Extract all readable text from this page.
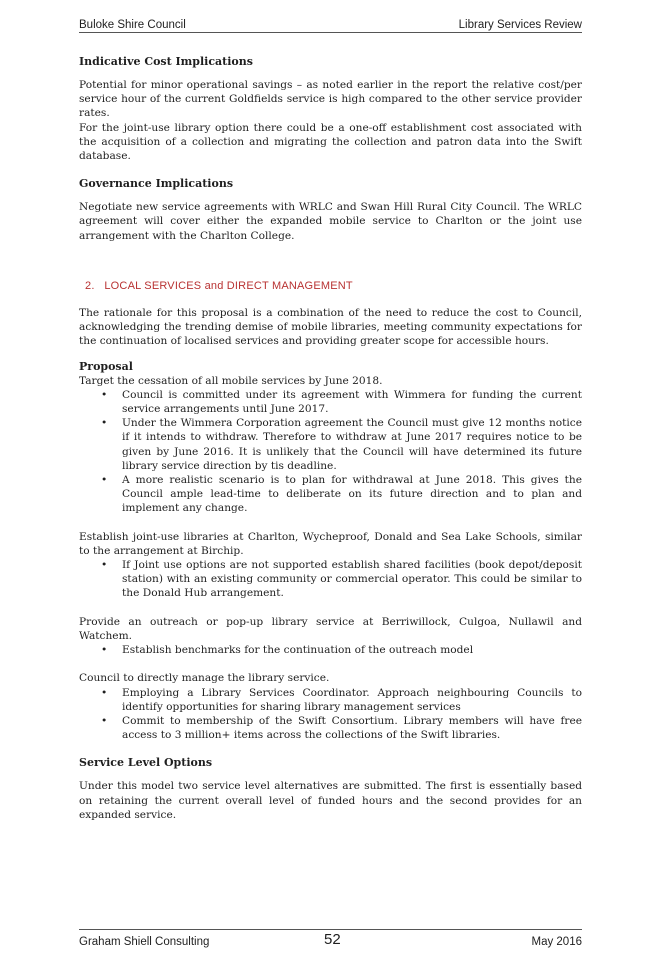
Buloke Shire Council	Library Services Review
Indicative Cost Implications

Potential for minor operational savings – as noted earlier in the report the relative cost/per service hour of the current Goldfields service is high compared to the other service provider rates.

For the joint-use library option there could be a one-off establishment cost associated with the acquisition of a collection and migrating the collection and patron data into the Swift database.

Governance Implications

Negotiate new service agreements with WRLC and Swan Hill Rural City Council. The WRLC agreement will cover either the expanded mobile service to Charlton or the joint use arrangement with the Charlton College.

2. LOCAL SERVICES and DIRECT MANAGEMENT

The rationale for this proposal is a combination of the need to reduce the cost to Council, acknowledging the trending demise of mobile libraries, meeting community expectations for the continuation of localised services and providing greater scope for accessible hours.

Proposal

Target the cessation of all mobile services by June 2018.

• Council is committed under its agreement with Wimmera for funding the current service arrangements until June 2017.
• Under the Wimmera Corporation agreement the Council must give 12 months notice if it intends to withdraw. Therefore to withdraw at June 2017 requires notice to be given by June 2016. It is unlikely that the Council will have determined its future library service direction by tis deadline.
• A more realistic scenario is to plan for withdrawal at June 2018. This gives the Council ample lead-time to deliberate on its future direction and to plan and implement any change.

Establish joint-use libraries at Charlton, Wycheproof, Donald and Sea Lake Schools, similar to the arrangement at Birchip.

• If Joint use options are not supported establish shared facilities (book depot/deposit station) with an existing community or commercial operator. This could be similar to the Donald Hub arrangement.

Provide an outreach or pop-up library service at Berriwillock, Culgoa, Nullawil and Watchem.

• Establish benchmarks for the continuation of the outreach model

Council to directly manage the library service.

• Employing a Library Services Coordinator. Approach neighbouring Councils to identify opportunities for sharing library management services
• Commit to membership of the Swift Consortium. Library members will have free access to 3 million+ items across the collections of the Swift libraries.
Service Level Options

Under this model two service level alternatives are submitted. The first is essentially based on retaining the current overall level of funded hours and the second provides for an expanded service.

Graham Shiell Consulting	52	May 2016
